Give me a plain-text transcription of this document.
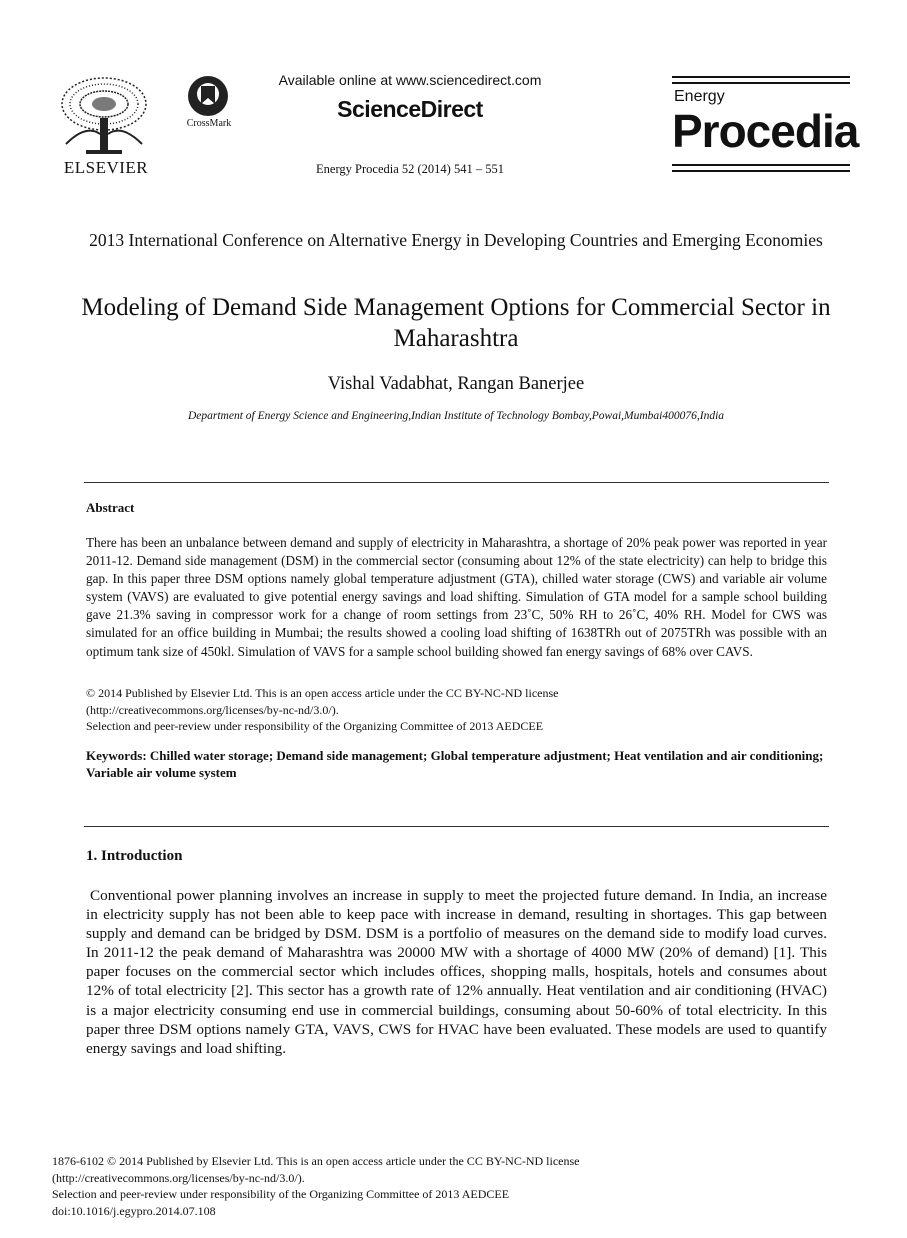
ELSEVIER
CrossMark
Available online at www.sciencedirect.com
ScienceDirect
Energy Procedia 52 (2014) 541 – 551
Energy
Procedia
2013 International Conference on Alternative Energy in Developing Countries and Emerging Economies
Modeling of Demand Side Management Options for Commercial Sector in Maharashtra
Vishal Vadabhat, Rangan Banerjee
Department of Energy Science and Engineering,Indian Institute of Technology Bombay,Powai,Mumbai400076,India
Abstract
There has been an unbalance between demand and supply of electricity in Maharashtra, a shortage of 20% peak power was reported in year 2011-12. Demand side management (DSM) in the commercial sector (consuming about 12% of the state electricity) can help to bridge this gap. In this paper three DSM options namely global temperature adjustment (GTA), chilled water storage (CWS) and variable air volume system (VAVS) are evaluated to give potential energy savings and load shifting. Simulation of GTA model for a sample school building gave 21.3% saving in compressor work for a change of room settings from 23˚C, 50% RH to 26˚C, 40% RH. Model for CWS was simulated for an office building in Mumbai; the results showed a cooling load shifting of 1638TRh out of 2075TRh was possible with an optimum tank size of 450kl. Simulation of VAVS for a sample school building showed fan energy savings of 68% over CAVS.
© 2014 Published by Elsevier Ltd. This is an open access article under the CC BY-NC-ND license
(http://creativecommons.org/licenses/by-nc-nd/3.0/).
Selection and peer-review under responsibility of the Organizing Committee of 2013 AEDCEE
Keywords: Chilled water storage; Demand side management; Global temperature adjustment; Heat ventilation and air conditioning; Variable air volume system
1. Introduction
Conventional power planning involves an increase in supply to meet the projected future demand. In India, an increase in electricity supply has not been able to keep pace with increase in demand, resulting in shortages. This gap between supply and demand can be bridged by DSM. DSM is a portfolio of measures on the demand side to modify load curves. In 2011-12 the peak demand of Maharashtra was 20000 MW with a shortage of 4000 MW (20% of demand) [1]. This paper focuses on the commercial sector which includes offices, shopping malls, hospitals, hotels and consumes about 12% of total electricity [2]. This sector has a growth rate of 12% annually. Heat ventilation and air conditioning (HVAC) is a major electricity consuming end use in commercial buildings, consuming about 50-60% of total electricity. In this paper three DSM options namely GTA, VAVS, CWS for HVAC have been evaluated. These models are used to quantify energy savings and load shifting.
1876-6102 © 2014 Published by Elsevier Ltd. This is an open access article under the CC BY-NC-ND license
(http://creativecommons.org/licenses/by-nc-nd/3.0/).
Selection and peer-review under responsibility of the Organizing Committee of 2013 AEDCEE
doi:10.1016/j.egypro.2014.07.108
